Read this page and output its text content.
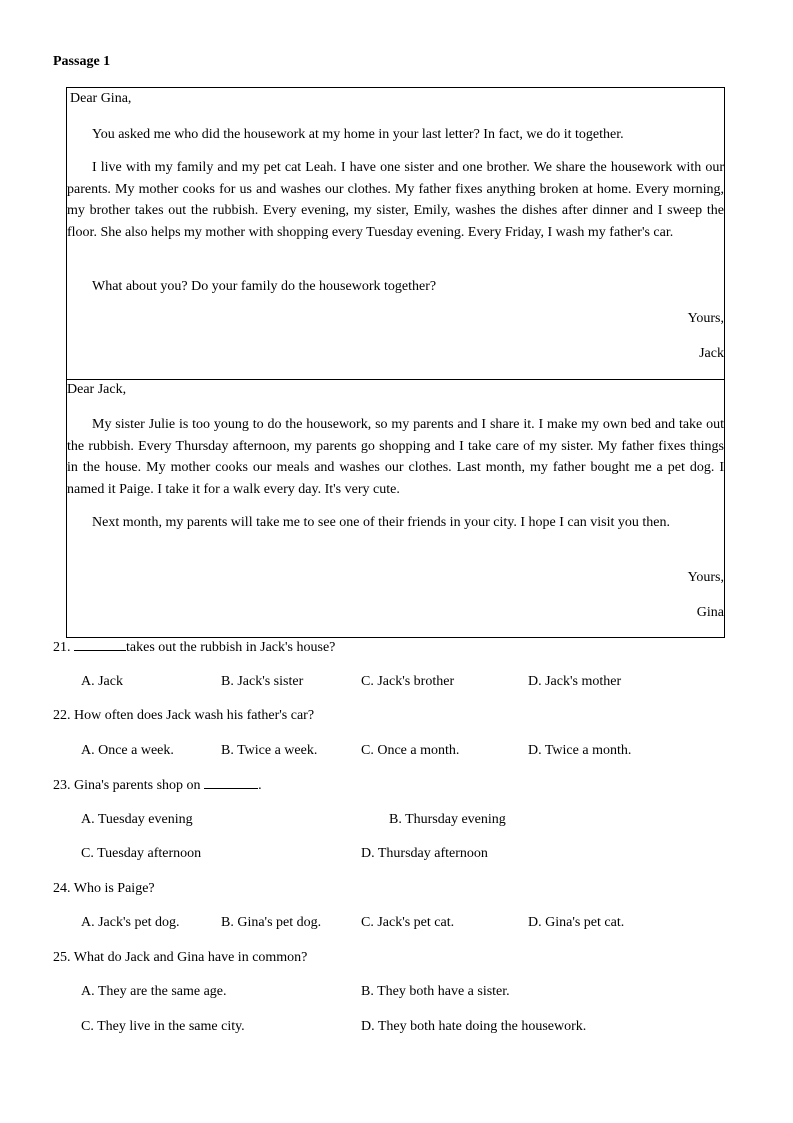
Passage 1
Dear Gina,

You asked me who did the housework at my home in your last letter? In fact, we do it together.

I live with my family and my pet cat Leah. I have one sister and one brother. We share the housework with our parents. My mother cooks for us and washes our clothes. My father fixes anything broken at home. Every morning, my brother takes out the rubbish. Every evening, my sister, Emily, washes the dishes after dinner and I sweep the floor. She also helps my mother with shopping every Tuesday evening. Every Friday, I wash my father's car.

What about you? Do your family do the housework together?

Yours,
Jack
Dear Jack,

My sister Julie is too young to do the housework, so my parents and I share it. I make my own bed and take out the rubbish. Every Thursday afternoon, my parents go shopping and I take care of my sister. My father fixes things in the house. My mother cooks our meals and washes our clothes. Last month, my father bought me a pet dog. I named it Paige. I take it for a walk every day. It's very cute.

Next month, my parents will take me to see one of their friends in your city. I hope I can visit you then.

Yours,
Gina
21.	takes out the rubbish in Jack's house?
A. Jack	B. Jack's sister	C. Jack's brother	D. Jack's mother
22. How often does Jack wash his father's car?
A. Once a week.	B. Twice a week.	C. Once a month.	D. Twice a month.
23. Gina's parents shop on	.
A. Tuesday evening	B. Thursday evening
C. Tuesday afternoon	D. Thursday afternoon
24. Who is Paige?
A. Jack's pet dog.	B. Gina's pet dog.	C. Jack's pet cat.	D. Gina's pet cat.
25. What do Jack and Gina have in common?
A. They are the same age.	B. They both have a sister.
C. They live in the same city.	D. They both hate doing the housework.
